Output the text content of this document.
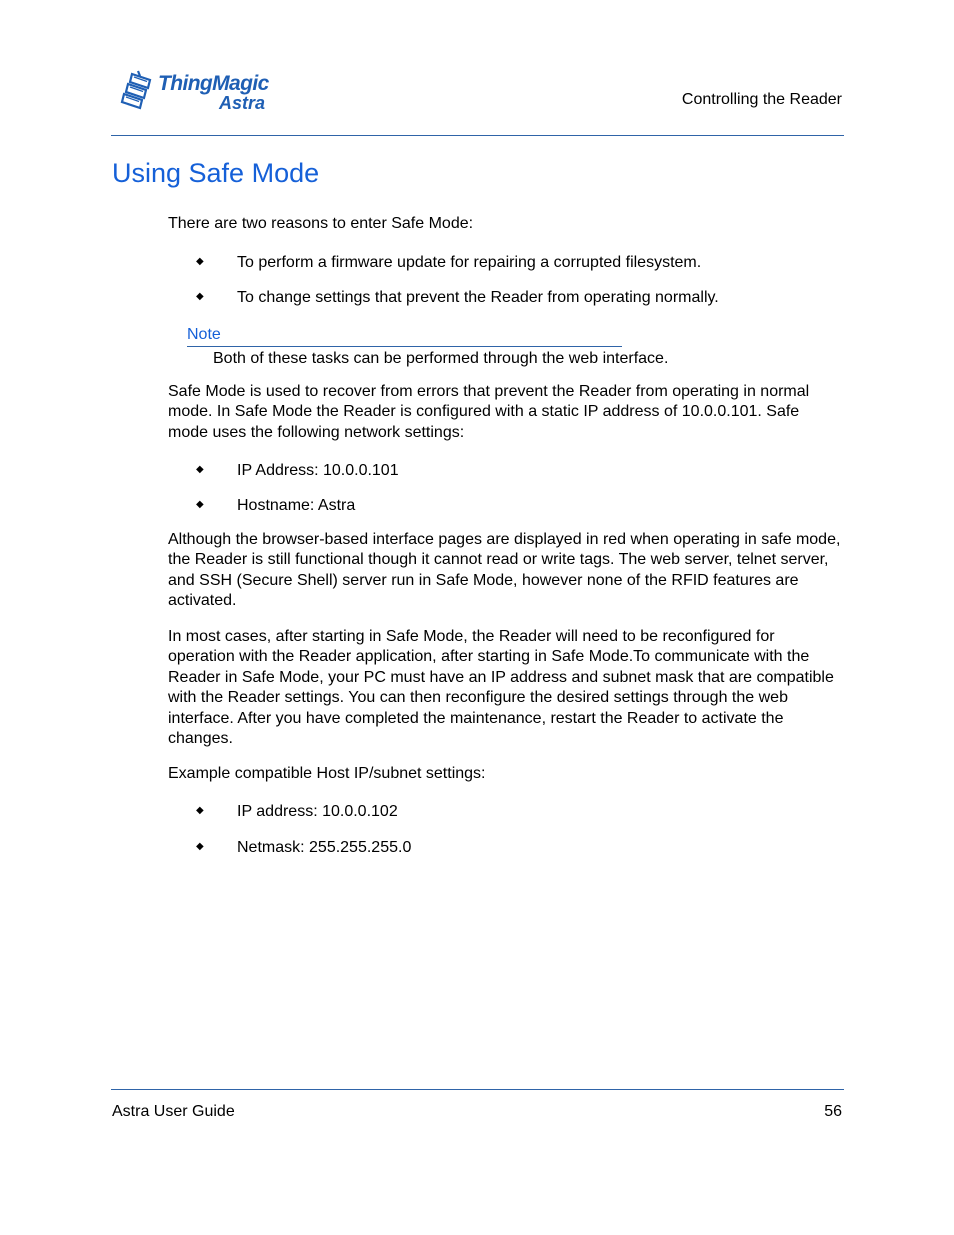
ThingMagic
Astra	Controlling the Reader
Using Safe Mode

There are two reasons to enter Safe Mode:

◆ To perform a firmware update for repairing a corrupted filesystem.
◆ To change settings that prevent the Reader from operating normally.
Note
Both of these tasks can be performed through the web interface.

Safe Mode is used to recover from errors that prevent the Reader from operating in normal mode. In Safe Mode the Reader is configured with a static IP address of 10.0.0.101. Safe mode uses the following network settings:

◆ IP Address: 10.0.0.101
◆ Hostname: Astra

Although the browser-based interface pages are displayed in red when operating in safe mode, the Reader is still functional though it cannot read or write tags. The web server, telnet server, and SSH (Secure Shell) server run in Safe Mode, however none of the RFID features are activated.

In most cases, after starting in Safe Mode, the Reader will need to be reconfigured for operation with the Reader application, after starting in Safe Mode.To communicate with the Reader in Safe Mode, your PC must have an IP address and subnet mask that are compatible with the Reader settings. You can then reconfigure the desired settings through the web interface. After you have completed the maintenance, restart the Reader to activate the changes.

Example compatible Host IP/subnet settings:

◆ IP address: 10.0.0.102
◆ Netmask: 255.255.255.0
Astra User Guide	56
